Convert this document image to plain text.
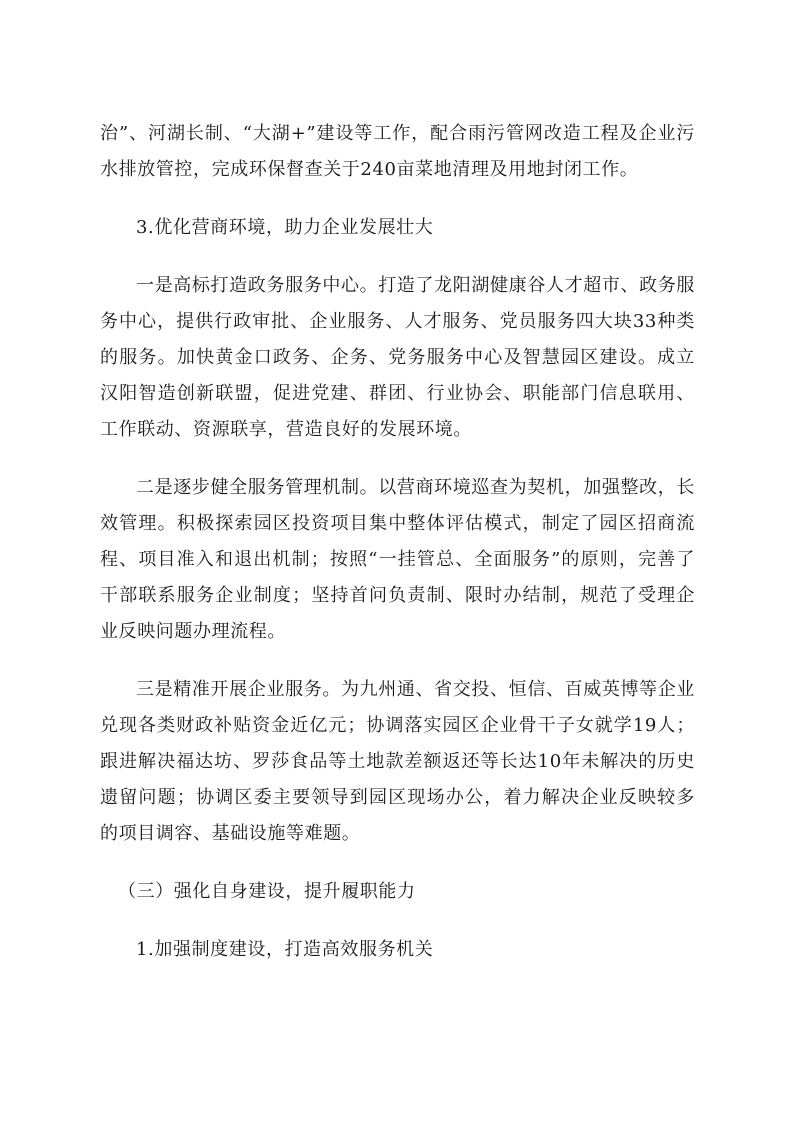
治”、河湖长制、“大湖+”建设等工作，配合雨污管网改造工程及企业污水排放管控，完成环保督查关于240亩菜地清理及用地封闭工作。

3.优化营商环境，助力企业发展壮大

一是高标打造政务服务中心。打造了龙阳湖健康谷人才超市、政务服务中心，提供行政审批、企业服务、人才服务、党员服务四大块33种类的服务。加快黄金口政务、企务、党务服务中心及智慧园区建设。成立汉阳智造创新联盟，促进党建、群团、行业协会、职能部门信息联用、工作联动、资源联享，营造良好的发展环境。

二是逐步健全服务管理机制。以营商环境巡查为契机，加强整改，长效管理。积极探索园区投资项目集中整体评估模式，制定了园区招商流程、项目准入和退出机制；按照“一挂管总、全面服务”的原则，完善了干部联系服务企业制度；坚持首问负责制、限时办结制，规范了受理企业反映问题办理流程。

三是精准开展企业服务。为九州通、省交投、恒信、百威英博等企业兑现各类财政补贴资金近亿元；协调落实园区企业骨干子女就学19人；跟进解决福达坊、罗莎食品等土地款差额返还等长达10年未解决的历史遗留问题；协调区委主要领导到园区现场办公，着力解决企业反映较多的项目调容、基础设施等难题。

（三）强化自身建设，提升履职能力

1.加强制度建设，打造高效服务机关
